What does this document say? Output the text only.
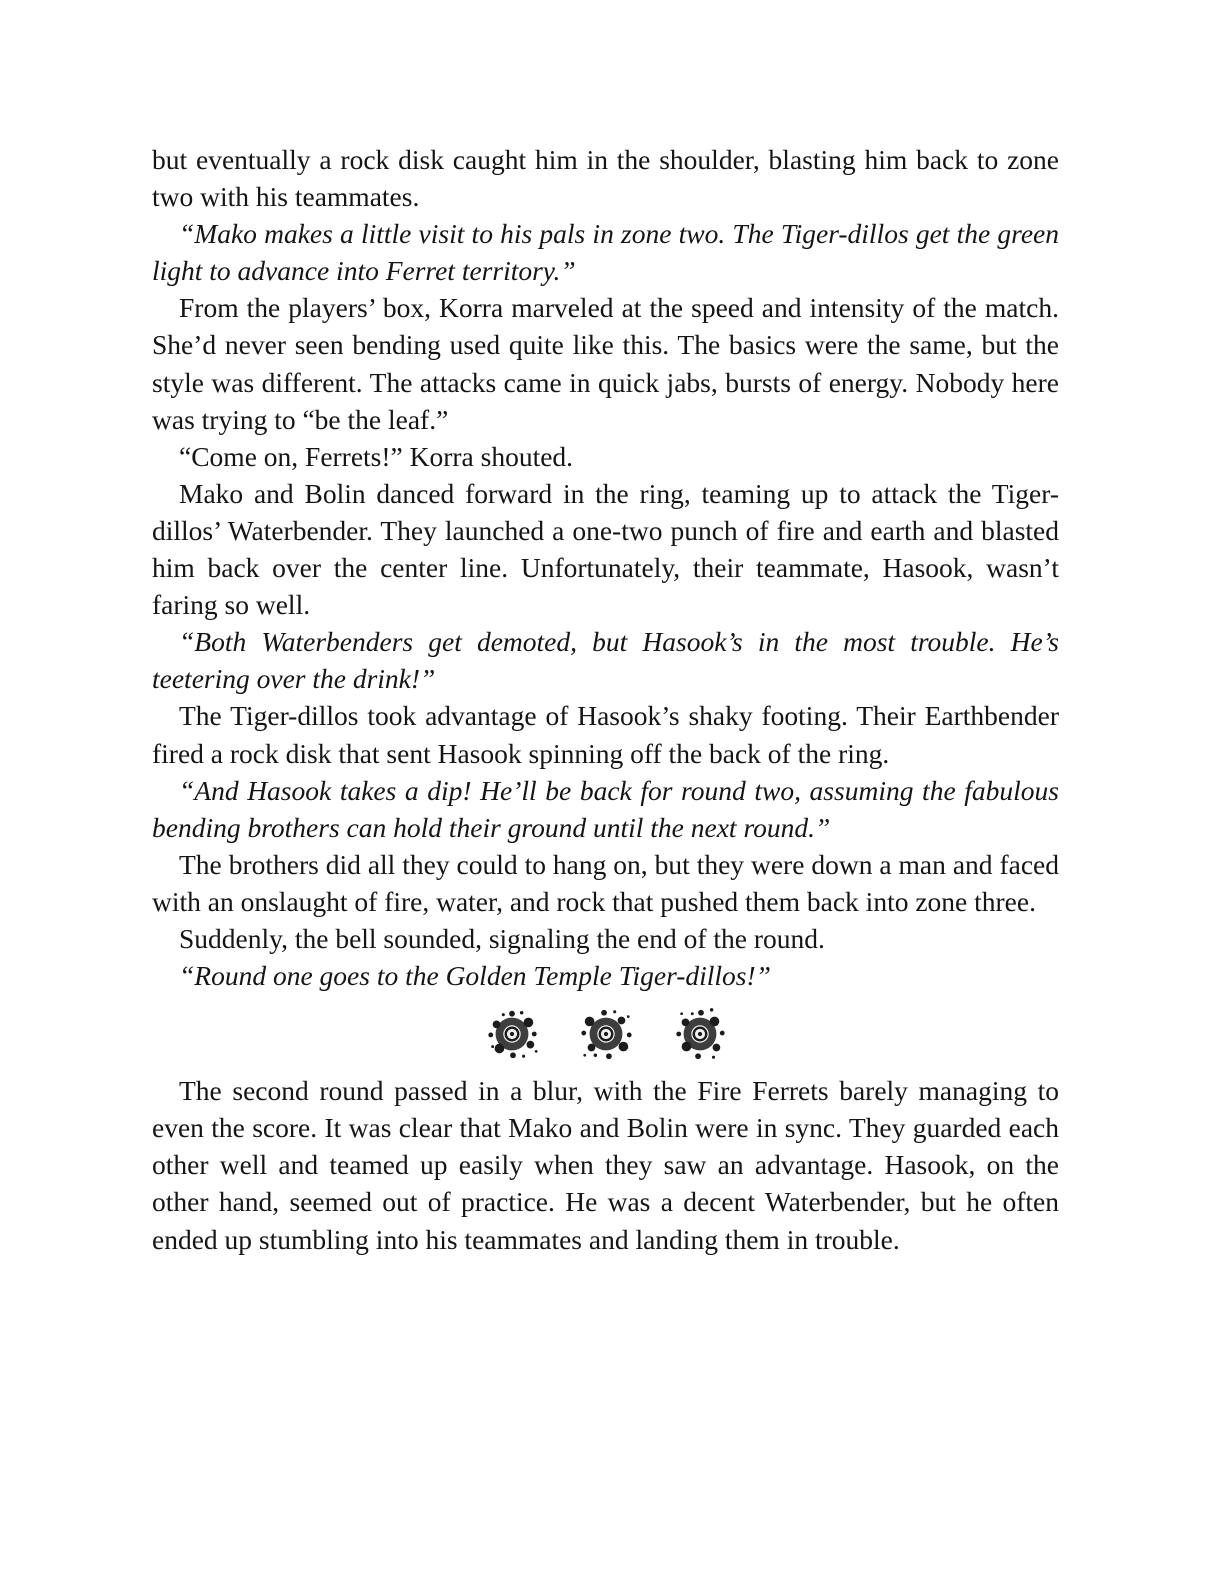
but eventually a rock disk caught him in the shoulder, blasting him back to zone two with his teammates.

“Mako makes a little visit to his pals in zone two. The Tiger-dillos get the green light to advance into Ferret territory.”

From the players’ box, Korra marveled at the speed and intensity of the match. She’d never seen bending used quite like this. The basics were the same, but the style was different. The attacks came in quick jabs, bursts of energy. Nobody here was trying to “be the leaf.”

“Come on, Ferrets!” Korra shouted.

Mako and Bolin danced forward in the ring, teaming up to attack the Tiger-dillos’ Waterbender. They launched a one-two punch of fire and earth and blasted him back over the center line. Unfortunately, their teammate, Hasook, wasn’t faring so well.

“Both Waterbenders get demoted, but Hasook’s in the most trouble. He’s teetering over the drink!”

The Tiger-dillos took advantage of Hasook’s shaky footing. Their Earthbender fired a rock disk that sent Hasook spinning off the back of the ring.

“And Hasook takes a dip! He’ll be back for round two, assuming the fabulous bending brothers can hold their ground until the next round.”

The brothers did all they could to hang on, but they were down a man and faced with an onslaught of fire, water, and rock that pushed them back into zone three.

Suddenly, the bell sounded, signaling the end of the round.

“Round one goes to the Golden Temple Tiger-dillos!”

The second round passed in a blur, with the Fire Ferrets barely managing to even the score. It was clear that Mako and Bolin were in sync. They guarded each other well and teamed up easily when they saw an advantage. Hasook, on the other hand, seemed out of practice. He was a decent Waterbender, but he often ended up stumbling into his teammates and landing them in trouble.
